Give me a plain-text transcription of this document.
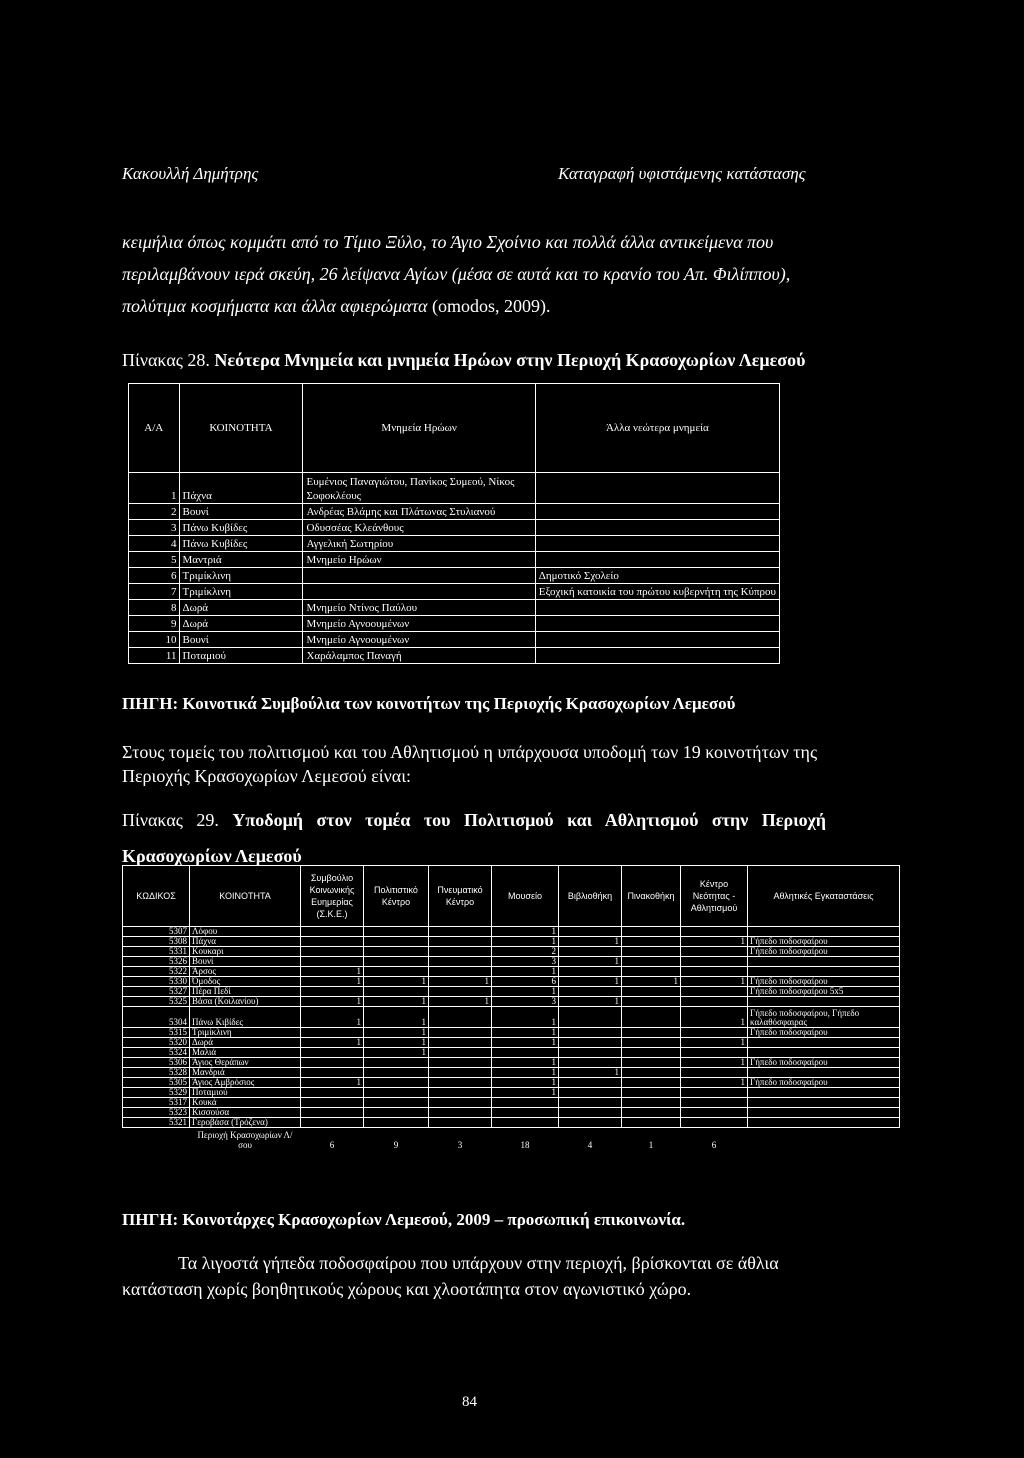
Κακουλλή Δημήτρης	Καταγραφή υφιστάμενης κατάστασης
κειμήλια όπως κομμάτι από το Τίμιο Ξύλο, το Άγιο Σχοίνιο και πολλά άλλα αντικείμενα που περιλαμβάνουν ιερά σκεύη, 26 λείψανα Αγίων (μέσα σε αυτά και το κρανίο του Απ. Φιλίππου), πολύτιμα κοσμήματα και άλλα αφιερώματα (omodos, 2009).
Πίνακας 28. Νεότερα Μνημεία και μνημεία Ηρώων στην Περιοχή Κρασοχωρίων Λεμεσού
Α/Α	ΚΟΙΝΟΤΗΤΑ	Μνημεία Ηρώων	Άλλα νεώτερα μνημεία
1	Πάχνα	Ευμένιος Παναγιώτου, Πανίκος Συμεού, Νίκος Σοφοκλέους	
2	Βουνί	Ανδρέας Βλάμης και Πλάτωνας Στυλιανού	
3	Πάνω Κυβίδες	Οδυσσέας Κλεάνθους	
4	Πάνω Κυβίδες	Αγγελική Σωτηρίου	
5	Μαντριά	Μνημείο Ηρώων	
6	Τριμίκλινη		Δημοτικό Σχολείο
7	Τριμίκλινη		Εξοχική κατοικία του πρώτου κυβερνήτη της Κύπρου
8	Δωρά	Μνημείο Ντίνος Παύλου	
9	Δωρά	Μνημείο Αγνοουμένων	
10	Βουνί	Μνημείο Αγνοουμένων	
11	Ποταμιού	Χαράλαμπος Παναγή	
ΠΗΓΗ: Κοινοτικά Συμβούλια των κοινοτήτων της Περιοχής Κρασοχωρίων Λεμεσού
Στους τομείς του πολιτισμού και του Αθλητισμού η υπάρχουσα υποδομή των 19 κοινοτήτων της Περιοχής Κρασοχωρίων Λεμεσού είναι:
Πίνακας 29. Υποδομή στον τομέα του Πολιτισμού και Αθλητισμού στην Περιοχή Κρασοχωρίων Λεμεσού
ΚΩΔΙΚΟΣ	ΚΟΙΝΟΤΗΤΑ	Συμβούλιο Κοινωνικής Ευημερίας (Σ.Κ.Ε.)	Πολιτιστικό Κέντρο	Πνευματικό Κέντρο	Μουσείο	Βιβλιοθήκη	Πινακοθήκη	Κέντρο Νεότητας - Αθλητισμού	Αθλητικές Εγκαταστάσεις
5307	Λόφου				1				
5308	Πάχνα				1	1		1	Γήπεδο ποδοσφαίρου
5331	Κουκαρι				2				Γήπεδο ποδοσφαίρου
5326	Βουνί				3	1			
5322	Άρσος	1			1				
5330	Όμοδος	1	1	1	6	1	1	1	Γήπεδο ποδοσφαίρου
5327	Πέρα Πεδί				1				Γήπεδο ποδοσφαίρου 5x5
5325	Βάσα (Κοιλανίου)	1	1	1	3	1			
5304	Πάνω Κιβίδες	1	1		1			1	Γήπεδο ποδοσφαίρου, Γήπεδο καλαθόσφαιρας
5315	Τριμίκλινη		1		1				Γήπεδο ποδοσφαίρου
5320	Δωρά	1	1		1			1	
5324	Μαλιά		1						
5306	Άγιος Θεράπων				1			1	Γήπεδο ποδοσφαίρου
5328	Μανδριά				1	1			
5305	Άγιος Αμβρόσιος	1			1			1	Γήπεδο ποδοσφαίρου
5329	Ποταμιού				1				
5317	Κουκά								
5323	Κισσούσα								
5321	Γεροβάσα (Τρόζενα)								
	Περιοχή Κρασοχωρίων Λ/σου	6	9	3	18	4	1	6	
ΠΗΓΗ: Κοινοτάρχες Κρασοχωρίων Λεμεσού, 2009 – προσωπική επικοινωνία.
Τα λιγοστά γήπεδα ποδοσφαίρου που υπάρχουν στην περιοχή, βρίσκονται σε άθλια κατάσταση χωρίς βοηθητικούς χώρους και χλοοτάπητα στον αγωνιστικό χώρο.
84
